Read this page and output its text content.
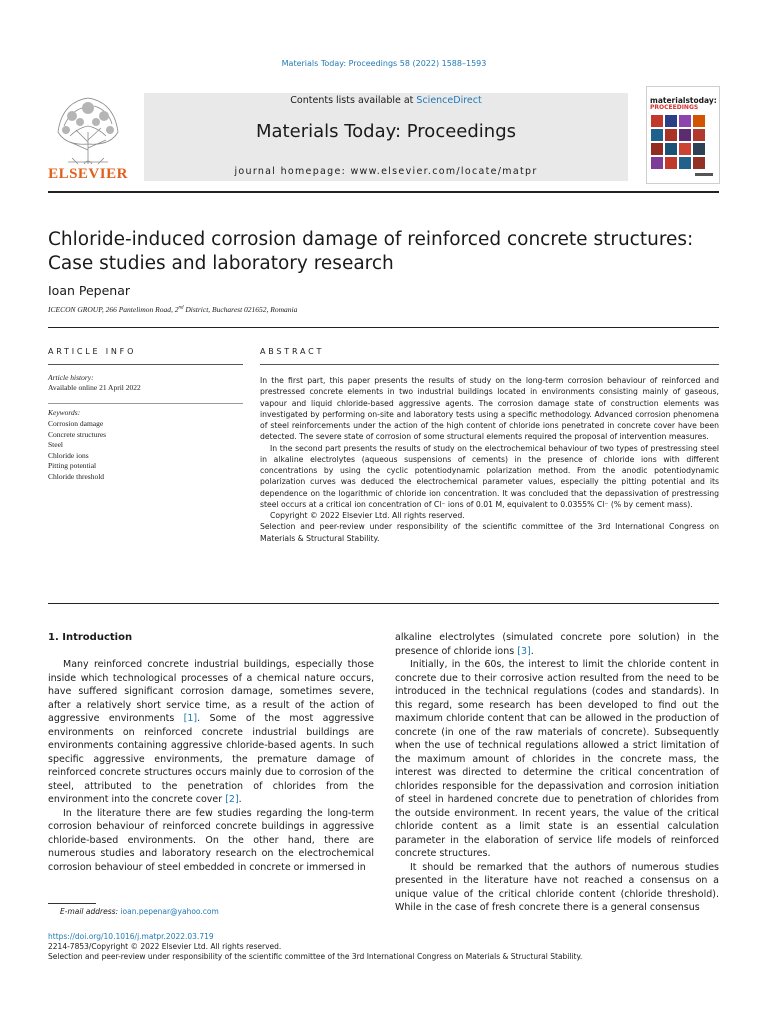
Materials Today: Proceedings 58 (2022) 1588–1593
ELSEVIER
Contents lists available at ScienceDirect
Materials Today: Proceedings
journal homepage: www.elsevier.com/locate/matpr
materialstoday:
PROCEEDINGS
Chloride-induced corrosion damage of reinforced concrete structures:
Case studies and laboratory research
Ioan Pepenar
ICECON GROUP, 266 Pantelimon Road, 2nd District, Bucharest 021652, Romania
ARTICLE INFO	ABSTRACT
Article history:
Available online 21 April 2022
Keywords:
Corrosion damage
Concrete structures
Steel
Chloride ions
Pitting potential
Chloride threshold

In the first part, this paper presents the results of study on the long-term corrosion behaviour of reinforced and prestressed concrete elements in two industrial buildings located in environments consisting mainly of gaseous, vapour and liquid chloride-based aggressive agents. The corrosion damage state of construction elements was investigated by performing on-site and laboratory tests using a specific methodology. Advanced corrosion phenomena of steel reinforcements under the action of the high content of chloride ions penetrated in concrete cover have been detected. The severe state of corrosion of some structural elements required the proposal of intervention measures.

In the second part presents the results of study on the electrochemical behaviour of two types of prestressing steel in alkaline electrolytes (aqueous suspensions of cements) in the presence of chloride ions with different concentrations by using the cyclic potentiodynamic polarization method. From the anodic potentiodynamic polarization curves was deduced the electrochemical parameter values, especially the pitting potential and its dependence on the logarithmic of chloride ion concentration. It was concluded that the depassivation of prestressing steel occurs at a critical ion concentration of Cl⁻ ions of 0.01 M, equivalent to 0.0355% Cl⁻ (% by cement mass).

Copyright © 2022 Elsevier Ltd. All rights reserved.

Selection and peer-review under responsibility of the scientific committee of the 3rd International Congress on Materials & Structural Stability.

1. Introduction

Many reinforced concrete industrial buildings, especially those inside which technological processes of a chemical nature occurs, have suffered significant corrosion damage, sometimes severe, after a relatively short service time, as a result of the action of aggressive environments [1]. Some of the most aggressive environments on reinforced concrete industrial buildings are environments containing aggressive chloride-based agents. In such specific aggressive environments, the premature damage of reinforced concrete structures occurs mainly due to corrosion of the steel, attributed to the penetration of chlorides from the environment into the concrete cover [2].

In the literature there are few studies regarding the long-term corrosion behaviour of reinforced concrete buildings in aggressive chloride-based environments. On the other hand, there are numerous studies and laboratory research on the electrochemical corrosion behaviour of steel embedded in concrete or immersed in

alkaline electrolytes (simulated concrete pore solution) in the presence of chloride ions [3].

Initially, in the 60s, the interest to limit the chloride content in concrete due to their corrosive action resulted from the need to be introduced in the technical regulations (codes and standards). In this regard, some research has been developed to find out the maximum chloride content that can be allowed in the production of concrete (in one of the raw materials of concrete). Subsequently when the use of technical regulations allowed a strict limitation of the maximum amount of chlorides in the concrete mass, the interest was directed to determine the critical concentration of chlorides responsible for the depassivation and corrosion initiation of steel in hardened concrete due to penetration of chlorides from the outside environment. In recent years, the value of the critical chloride content as a limit state is an essential calculation parameter in the elaboration of service life models of reinforced concrete structures.

It should be remarked that the authors of numerous studies presented in the literature have not reached a consensus on a unique value of the critical chloride content (chloride threshold). While in the case of fresh concrete there is a general consensus

E-mail address: ioan.pepenar@yahoo.com
https://doi.org/10.1016/j.matpr.2022.03.719
2214-7853/Copyright © 2022 Elsevier Ltd. All rights reserved.
Selection and peer-review under responsibility of the scientific committee of the 3rd International Congress on Materials & Structural Stability.
